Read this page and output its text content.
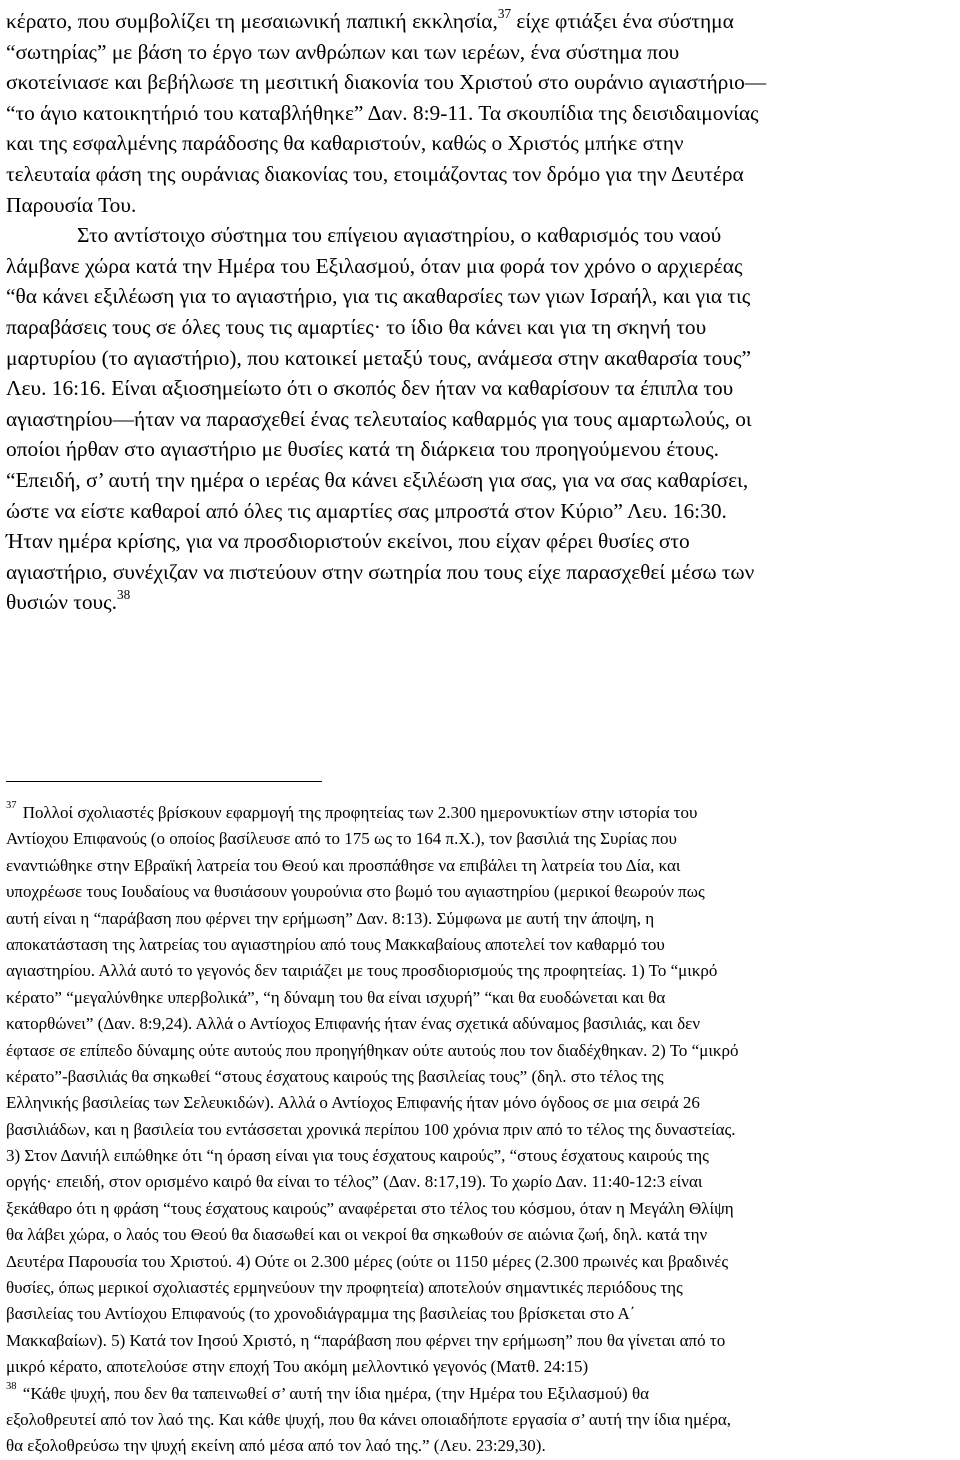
κέρατο, που συμβολίζει τη μεσαιωνική παπική εκκλησία,$^{37}$ είχε φτιάξει ένα σύστημα

“σωτηρίας” με βάση το έργο των ανθρώπων και των ιερέων, ένα σύστημα που

σκοτείνιασε και βεβήλωσε τη μεσιτική διακονία του Χριστού στο ουράνιο αγιαστήριο—

“το άγιο κατοικητήριό του καταβλήθηκε” Δαν. 8:9-11. Τα σκουπίδια της δεισιδαιμονίας

και της εσφαλμένης παράδοσης θα καθαριστούν, καθώς ο Χριστός μπήκε στην

τελευταία φάση της ουράνιας διακονίας του, ετοιμάζοντας τον δρόμο για την Δευτέρα

Παρουσία Του.

Στο αντίστοιχο σύστημα του επίγειου αγιαστηρίου, ο καθαρισμός του ναού

λάμβανε χώρα κατά την Ημέρα του Εξιλασμού, όταν μια φορά τον χρόνο ο αρχιερέας

“θα κάνει εξιλέωση για το αγιαστήριο, για τις ακαθαρσίες των γιων Ισραήλ, και για τις

παραβάσεις τους σε όλες τους τις αμαρτίες· το ίδιο θα κάνει και για τη σκηνή του

μαρτυρίου (το αγιαστήριο), που κατοικεί μεταξύ τους, ανάμεσα στην ακαθαρσία τους”

Λευ. 16:16. Είναι αξιοσημείωτο ότι ο σκοπός δεν ήταν να καθαρίσουν τα έπιπλα του

αγιαστηρίου—ήταν να παρασχεθεί ένας τελευταίος καθαρμός για τους αμαρτωλούς, οι

οποίοι ήρθαν στο αγιαστήριο με θυσίες κατά τη διάρκεια του προηγούμενου έτους.

“Επειδή, σ’ αυτή την ημέρα ο ιερέας θα κάνει εξιλέωση για σας, για να σας καθαρίσει,

ώστε να είστε καθαροί από όλες τις αμαρτίες σας μπροστά στον Κύριο” Λευ. 16:30.

Ήταν ημέρα κρίσης, για να προσδιοριστούν εκείνοι, που είχαν φέρει θυσίες στο

αγιαστήριο, συνέχιζαν να πιστεύουν στην σωτηρία που τους είχε παρασχεθεί μέσω των

θυσιών τους.$^{38}$

$^{37}$ Πολλοί σχολιαστές βρίσκουν εφαρμογή της προφητείας των 2.300 ημερονυκτίων στην ιστορία του

Αντίοχου Επιφανούς (ο οποίος βασίλευσε από το 175 ως το 164 π.Χ.), τον βασιλιά της Συρίας που

εναντιώθηκε στην Εβραϊκή λατρεία του Θεού και προσπάθησε να επιβάλει τη λατρεία του Δία, και

υποχρέωσε τους Ιουδαίους να θυσιάσουν γουρούνια στο βωμό του αγιαστηρίου (μερικοί θεωρούν πως

αυτή είναι η “παράβαση που φέρνει την ερήμωση” Δαν. 8:13). Σύμφωνα με αυτή την άποψη, η

αποκατάσταση της λατρείας του αγιαστηρίου από τους Μακκαβαίους αποτελεί τον καθαρμό του

αγιαστηρίου. Αλλά αυτό το γεγονός δεν ταιριάζει με τους προσδιορισμούς της προφητείας. 1) Το “μικρό

κέρατο” “μεγαλύνθηκε υπερβολικά”, “η δύναμη του θα είναι ισχυρή” “και θα ευοδώνεται και θα

κατορθώνει” (Δαν. 8:9,24). Αλλά ο Αντίοχος Επιφανής ήταν ένας σχετικά αδύναμος βασιλιάς, και δεν

έφτασε σε επίπεδο δύναμης ούτε αυτούς που προηγήθηκαν ούτε αυτούς που τον διαδέχθηκαν. 2) Το “μικρό

κέρατο”-βασιλιάς θα σηκωθεί “στους έσχατους καιρούς της βασιλείας τους” (δηλ. στο τέλος της

Ελληνικής βασιλείας των Σελευκιδών). Αλλά ο Αντίοχος Επιφανής ήταν μόνο όγδοος σε μια σειρά 26

βασιλιάδων, και η βασιλεία του εντάσσεται χρονικά περίπου 100 χρόνια πριν από το τέλος της δυναστείας.

3) Στον Δανιήλ ειπώθηκε ότι “η όραση είναι για τους έσχατους καιρούς”, “στους έσχατους καιρούς της

οργής· επειδή, στον ορισμένο καιρό θα είναι το τέλος” (Δαν. 8:17,19). Το χωρίο Δαν. 11:40-12:3 είναι

ξεκάθαρο ότι η φράση “τους έσχατους καιρούς” αναφέρεται στο τέλος του κόσμου, όταν η Μεγάλη Θλίψη

θα λάβει χώρα, ο λαός του Θεού θα διασωθεί και οι νεκροί θα σηκωθούν σε αιώνια ζωή, δηλ. κατά την

Δευτέρα Παρουσία του Χριστού. 4) Ούτε οι 2.300 μέρες (ούτε οι 1150 μέρες (2.300 πρωινές και βραδινές

θυσίες, όπως μερικοί σχολιαστές ερμηνεύουν την προφητεία) αποτελούν σημαντικές περιόδους της

βασιλείας του Αντίοχου Επιφανούς (το χρονοδιάγραμμα της βασιλείας του βρίσκεται στο Α΄

Μακκαβαίων). 5) Κατά τον Ιησού Χριστό, η “παράβαση που φέρνει την ερήμωση” που θα γίνεται από το

μικρό κέρατο, αποτελούσε στην εποχή Του ακόμη μελλοντικό γεγονός (Ματθ. 24:15)

$^{38}$ “Κάθε ψυχή, που δεν θα ταπεινωθεί σ’ αυτή την ίδια ημέρα, (την Ημέρα του Εξιλασμού) θα

εξολοθρευτεί από τον λαό της. Και κάθε ψυχή, που θα κάνει οποιαδήποτε εργασία σ’ αυτή την ίδια ημέρα,

θα εξολοθρεύσω την ψυχή εκείνη από μέσα από τον λαό της.” (Λευ. 23:29,30).
